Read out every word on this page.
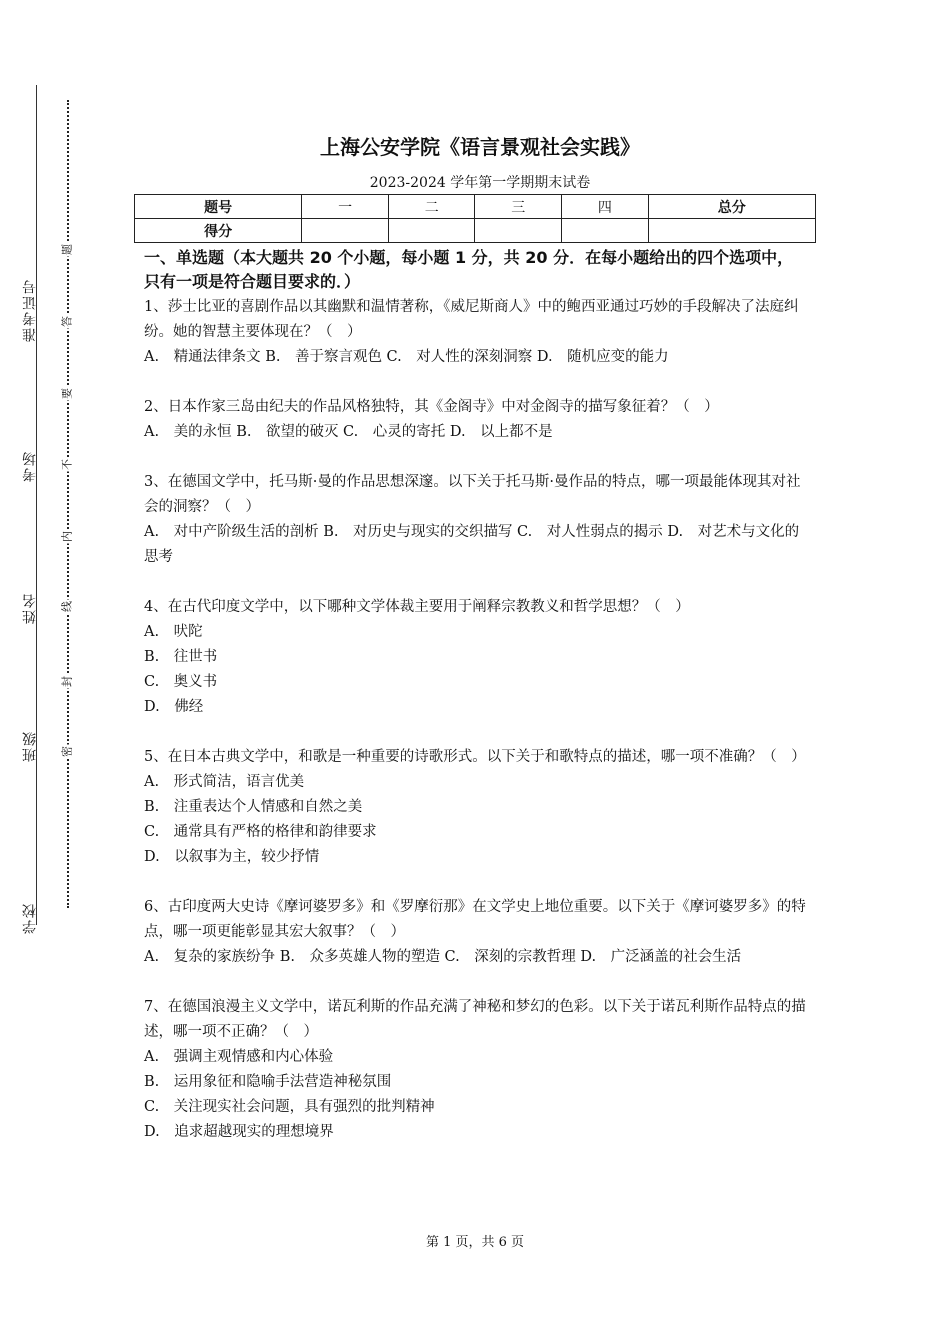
学校
班级
姓名
考场
准考证号
密
封
线
内
不
要
答
题
上海公安学院《语言景观社会实践》
2023-2024 学年第一学期期末试卷
题号	一	二	三	四	总分
得分					
一、单选题（本大题共 20 个小题，每小题 1 分，共 20 分．在每小题给出的四个选项中，只有一项是符合题目要求的．）

1、莎士比亚的喜剧作品以其幽默和温情著称，《威尼斯商人》中的鲍西亚通过巧妙的手段解决了法庭纠纷。她的智慧主要体现在？（　）

A.　精通法律条文 B.　善于察言观色 C.　对人性的深刻洞察 D.　随机应变的能力

2、日本作家三岛由纪夫的作品风格独特，其《金阁寺》中对金阁寺的描写象征着？（　）

A.　美的永恒 B.　欲望的破灭 C.　心灵的寄托 D.　以上都不是

3、在德国文学中，托马斯·曼的作品思想深邃。以下关于托马斯·曼作品的特点，哪一项最能体现其对社会的洞察？（　）

A.　对中产阶级生活的剖析 B.　对历史与现实的交织描写 C.　对人性弱点的揭示 D.　对艺术与文化的思考

4、在古代印度文学中，以下哪种文学体裁主要用于阐释宗教教义和哲学思想？（　）

A.　吠陀

B.　往世书

C.　奥义书

D.　佛经

5、在日本古典文学中，和歌是一种重要的诗歌形式。以下关于和歌特点的描述，哪一项不准确？（　）

A.　形式简洁，语言优美

B.　注重表达个人情感和自然之美

C.　通常具有严格的格律和韵律要求

D.　以叙事为主，较少抒情

6、古印度两大史诗《摩诃婆罗多》和《罗摩衍那》在文学史上地位重要。以下关于《摩诃婆罗多》的特点，哪一项更能彰显其宏大叙事？（　）

A.　复杂的家族纷争 B.　众多英雄人物的塑造 C.　深刻的宗教哲理 D.　广泛涵盖的社会生活

7、在德国浪漫主义文学中，诺瓦利斯的作品充满了神秘和梦幻的色彩。以下关于诺瓦利斯作品特点的描述，哪一项不正确？（　）

A.　强调主观情感和内心体验

B.　运用象征和隐喻手法营造神秘氛围

C.　关注现实社会问题，具有强烈的批判精神

D.　追求超越现实的理想境界

第 1 页，共 6 页
